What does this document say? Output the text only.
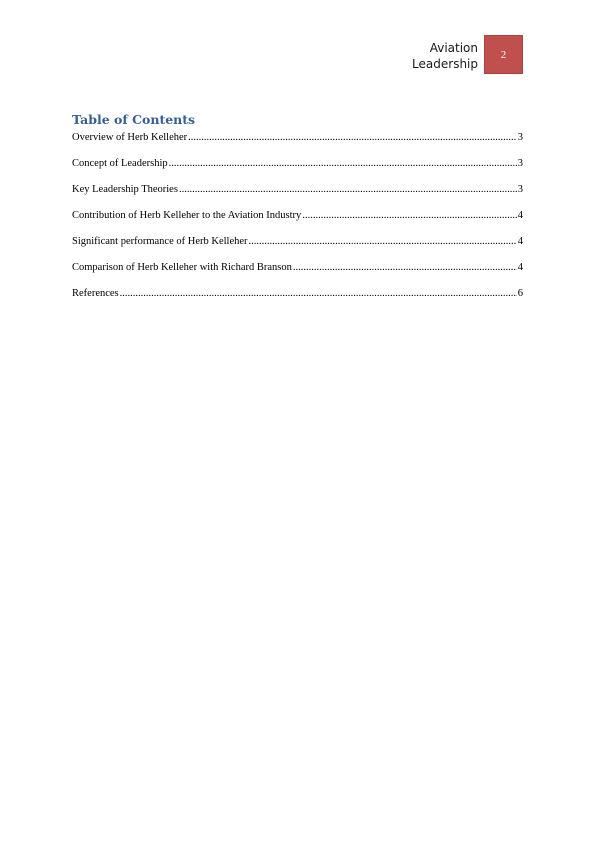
Aviation
Leadership
2
Table of Contents
Overview of Herb Kelleher .....	3
Concept of Leadership .....	3
Key Leadership Theories .....	3
Contribution of Herb Kelleher to the Aviation Industry .....	4
Significant performance of Herb Kelleher .....	4
Comparison of Herb Kelleher with Richard Branson .....	4
References .....	6
